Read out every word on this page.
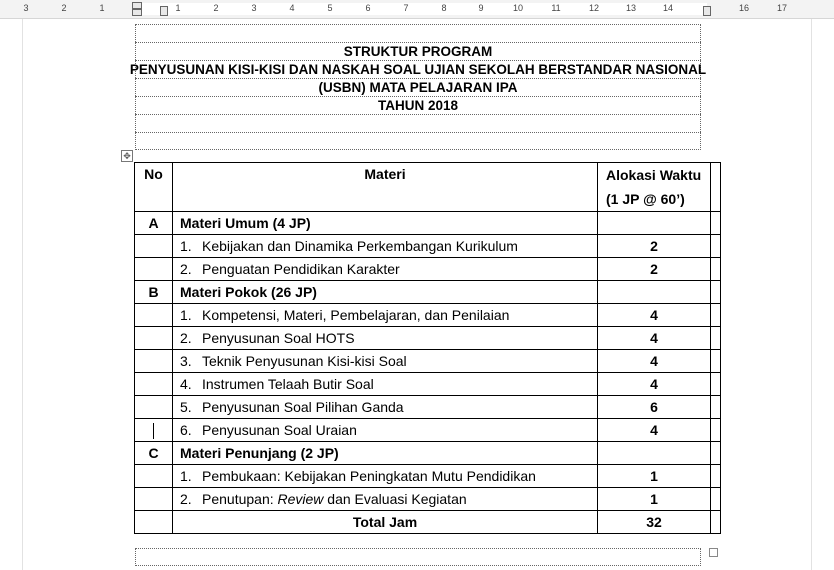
3	2	1	1	2	3	4	5	6	7	8	9	10	11	12	13	14	16	17
STRUKTUR PROGRAM
PENYUSUNAN KISI-KISI DAN NASKAH SOAL UJIAN SEKOLAH BERSTANDAR NASIONAL
(USBN) MATA PELAJARAN IPA
TAHUN 2018
✥
No	Materi	Alokasi Waktu
(1 JP @ 60’)	

A	Materi Umum (4 JP)		
	1. Kebijakan dan Dinamika Perkembangan Kurikulum	2	
	2. Penguatan Pendidikan Karakter	2	
B	Materi Pokok (26 JP)		
	1. Kompetensi, Materi, Pembelajaran, dan Penilaian	4	
	2. Penyusunan Soal HOTS	4	
	3. Teknik Penyusunan Kisi-kisi Soal	4	
	4. Instrumen Telaah Butir Soal	4	
	5. Penyusunan Soal Pilihan Ganda	6	
	6. Penyusunan Soal Uraian	4	
C	Materi Penunjang (2 JP)		
	1. Pembukaan: Kebijakan Peningkatan Mutu Pendidikan	1	
	2. Penutupan: Review dan Evaluasi Kegiatan	1	
	Total Jam	32	
